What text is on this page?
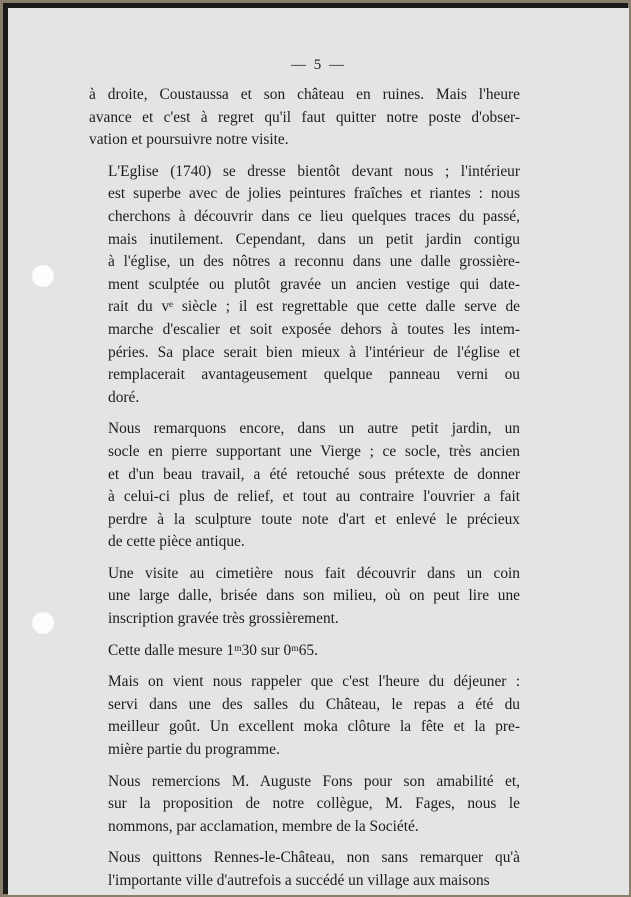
— 5 —

à droite, Coustaussa et son château en ruines. Mais l'heure
avance et c'est à regret qu'il faut quitter notre poste d'obser-
vation et poursuivre notre visite.

L'Eglise (1740) se dresse bientôt devant nous ; l'intérieur
est superbe avec de jolies peintures fraîches et riantes : nous
cherchons à découvrir dans ce lieu quelques traces du passé,
mais inutilement. Cependant, dans un petit jardin contigu
à l'église, un des nôtres a reconnu dans une dalle grossière-
ment sculptée ou plutôt gravée un ancien vestige qui date-
rait du vᵉ siècle ; il est regrettable que cette dalle serve de
marche d'escalier et soit exposée dehors à toutes les intem-
péries. Sa place serait bien mieux à l'intérieur de l'église et
remplacerait avantageusement quelque panneau verni ou
doré.

Nous remarquons encore, dans un autre petit jardin, un
socle en pierre supportant une Vierge ; ce socle, très ancien
et d'un beau travail, a été retouché sous prétexte de donner
à celui-ci plus de relief, et tout au contraire l'ouvrier a fait
perdre à la sculpture toute note d'art et enlevé le précieux
de cette pièce antique.

Une visite au cimetière nous fait découvrir dans un coin
une large dalle, brisée dans son milieu, où on peut lire une
inscription gravée très grossièrement.

Cette dalle mesure 1ᵐ30 sur 0ᵐ65.

Mais on vient nous rappeler que c'est l'heure du déjeuner :
servi dans une des salles du Château, le repas a été du
meilleur goût. Un excellent moka clôture la fête et la pre-
mière partie du programme.

Nous remercions M. Auguste Fons pour son amabilité et,
sur la proposition de notre collègue, M. Fages, nous le
nommons, par acclamation, membre de la Société.

Nous quittons Rennes-le-Château, non sans remarquer qu'à
l'importante ville d'autrefois a succédé un village aux maisons
